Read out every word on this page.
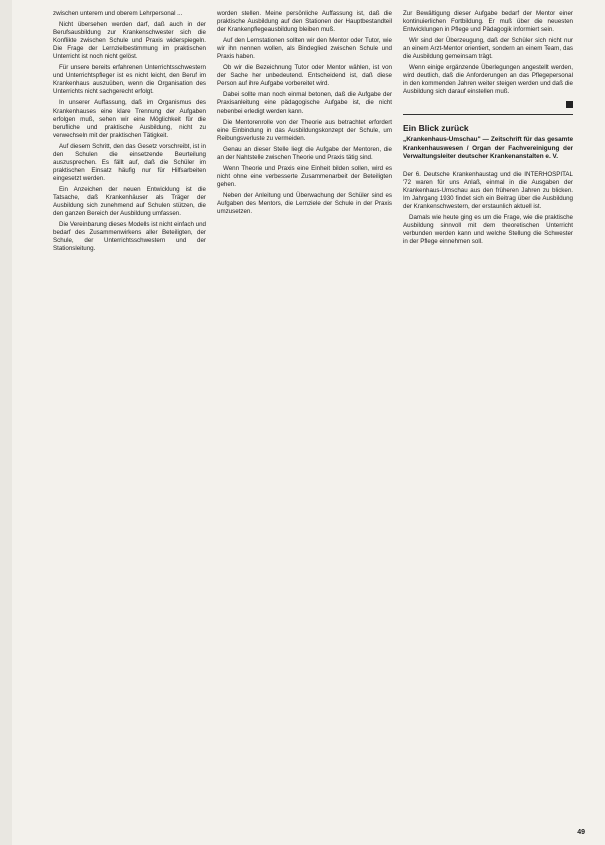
zwischen unterem und oberem Lehrpersonal ...

Nicht übersehen werden darf, daß auch in der Berufsausbildung zur Krankenschwester sich die Konflikte zwischen Schule und Praxis widerspiegeln. Die Frage der Lernzielbestimmung im praktischen Unterricht ist noch nicht gelöst.

Für unsere bereits erfahrenen Unterrichtsschwestern und Unterrichtspfleger ist es nicht leicht, den Beruf im Krankenhaus auszuüben, wenn die Organisation des Unterrichts nicht sachgerecht erfolgt.

In unserer Auffassung, daß im Organismus des Krankenhauses eine klare Trennung der Aufgaben erfolgen muß, sehen wir eine Möglichkeit für die berufliche und praktische Ausbildung, nicht zu verwechseln mit der praktischen Tätigkeit.

Auf diesem Schritt, den das Gesetz vorschreibt, ist in den Schulen die einsetzende Beurteilung auszusprechen. Es fällt auf, daß die Schüler im praktischen Einsatz häufig nur für Hilfsarbeiten eingesetzt werden.

Ein Anzeichen der neuen Entwicklung ist die Tatsache, daß Krankenhäuser als Träger der Ausbildung sich zunehmend auf Schulen stützen, die den ganzen Bereich der Ausbildung umfassen.

Die Vereinbarung dieses Modells ist nicht einfach und bedarf des Zusammenwirkens aller Beteiligten, der Schule, der Unterrichtsschwestern und der Stationsleitung.

worden stellen. Meine persönliche Auffassung ist, daß die praktische Ausbildung auf den Stationen der Hauptbestandteil der Krankenpflegeausbildung bleiben muß.

Auf den Lernstationen sollten wir den Mentor oder Tutor, wie wir ihn nennen wollen, als Bindeglied zwischen Schule und Praxis haben.

Ob wir die Bezeichnung Tutor oder Mentor wählen, ist von der Sache her unbedeutend. Entscheidend ist, daß diese Person auf ihre Aufgabe vorbereitet wird.

Dabei sollte man noch einmal betonen, daß die Aufgabe der Praxisanleitung eine pädagogische Aufgabe ist, die nicht nebenbei erledigt werden kann.

Die Mentorenrolle von der Theorie aus betrachtet erfordert eine Einbindung in das Ausbildungskonzept der Schule, um Reibungsverluste zu vermeiden.

Genau an dieser Stelle liegt die Aufgabe der Mentoren, die an der Nahtstelle zwischen Theorie und Praxis tätig sind.

Wenn Theorie und Praxis eine Einheit bilden sollen, wird es nicht ohne eine verbesserte Zusammenarbeit der Beteiligten gehen.

Neben der Anleitung und Überwachung der Schüler sind es Aufgaben des Mentors, die Lernziele der Schule in der Praxis umzusetzen.

Zur Bewältigung dieser Aufgabe bedarf der Mentor einer kontinuierlichen Fortbildung. Er muß über die neuesten Entwicklungen in Pflege und Pädagogik informiert sein.

Wir sind der Überzeugung, daß der Schüler sich nicht nur an einem Arzt-Mentor orientiert, sondern an einem Team, das die Ausbildung gemeinsam trägt.

Wenn einige ergänzende Überlegungen angestellt werden, wird deutlich, daß die Anforderungen an das Pflegepersonal in den kommenden Jahren weiter steigen werden und daß die Ausbildung sich darauf einstellen muß.

Ein Blick zurück
„Krankenhaus-Umschau" — Zeitschrift für das gesamte Krankenhauswesen / Organ der Fachvereinigung der Verwaltungsleiter deutscher Krankenanstalten e. V.

Der 6. Deutsche Krankenhaustag und die INTERHOSPITAL '72 waren für uns Anlaß, einmal in die Ausgaben der Krankenhaus-Umschau aus den früheren Jahren zu blicken. Im Jahrgang 1930 findet sich ein Beitrag über die Ausbildung der Krankenschwestern, der erstaunlich aktuell ist.

Damals wie heute ging es um die Frage, wie die praktische Ausbildung sinnvoll mit dem theoretischen Unterricht verbunden werden kann und welche Stellung die Schwester in der Pflege einnehmen soll.

49
